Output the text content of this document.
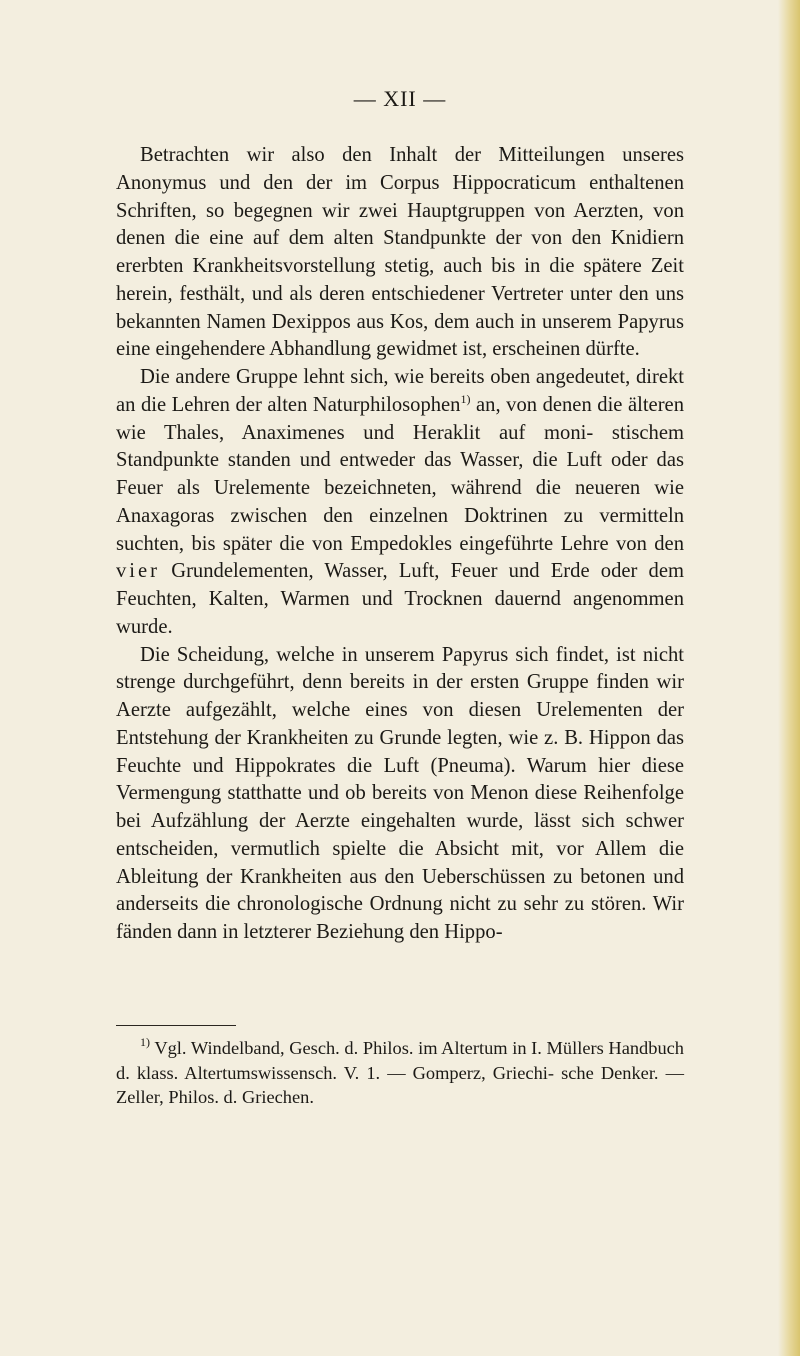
— XII —

Betrachten wir also den Inhalt der Mitteilungen unseres Anonymus und den der im Corpus Hippocraticum enthaltenen Schriften, so begegnen wir zwei Hauptgruppen von Aerzten, von denen die eine auf dem alten Standpunkte der von den Knidiern ererbten Krankheitsvorstellung stetig, auch bis in die spätere Zeit herein, festhält, und als deren entschiedener Vertreter unter den uns bekannten Namen Dexippos aus Kos, dem auch in unserem Papyrus eine eingehendere Abhandlung gewidmet ist, erscheinen dürfte.

Die andere Gruppe lehnt sich, wie bereits oben angedeutet, direkt an die Lehren der alten Naturphilosophen$^{1)}$ an, von denen die älteren wie Thales, Anaximenes und Heraklit auf moni- stischem Standpunkte standen und entweder das Wasser, die Luft oder das Feuer als Urelemente bezeichneten, während die neueren wie Anaxagoras zwischen den einzelnen Doktrinen zu vermitteln suchten, bis später die von Empedokles eingeführte Lehre von den vier Grundelementen, Wasser, Luft, Feuer und Erde oder dem Feuchten, Kalten, Warmen und Trocknen dauernd angenommen wurde.

Die Scheidung, welche in unserem Papyrus sich findet, ist nicht strenge durchgeführt, denn bereits in der ersten Gruppe finden wir Aerzte aufgezählt, welche eines von diesen Urelementen der Entstehung der Krankheiten zu Grunde legten, wie z. B. Hippon das Feuchte und Hippokrates die Luft (Pneuma). Warum hier diese Vermengung statthatte und ob bereits von Menon diese Reihenfolge bei Aufzählung der Aerzte eingehalten wurde, lässt sich schwer entscheiden, vermutlich spielte die Absicht mit, vor Allem die Ableitung der Krankheiten aus den Ueberschüssen zu betonen und anderseits die chronologische Ordnung nicht zu sehr zu stören. Wir fänden dann in letzterer Beziehung den Hippo-

$^{1)}$ Vgl. Windelband, Gesch. d. Philos. im Altertum in I. Müllers Handbuch d. klass. Altertumswissensch. V. 1. — Gomperz, Griechi- sche Denker. — Zeller, Philos. d. Griechen.
